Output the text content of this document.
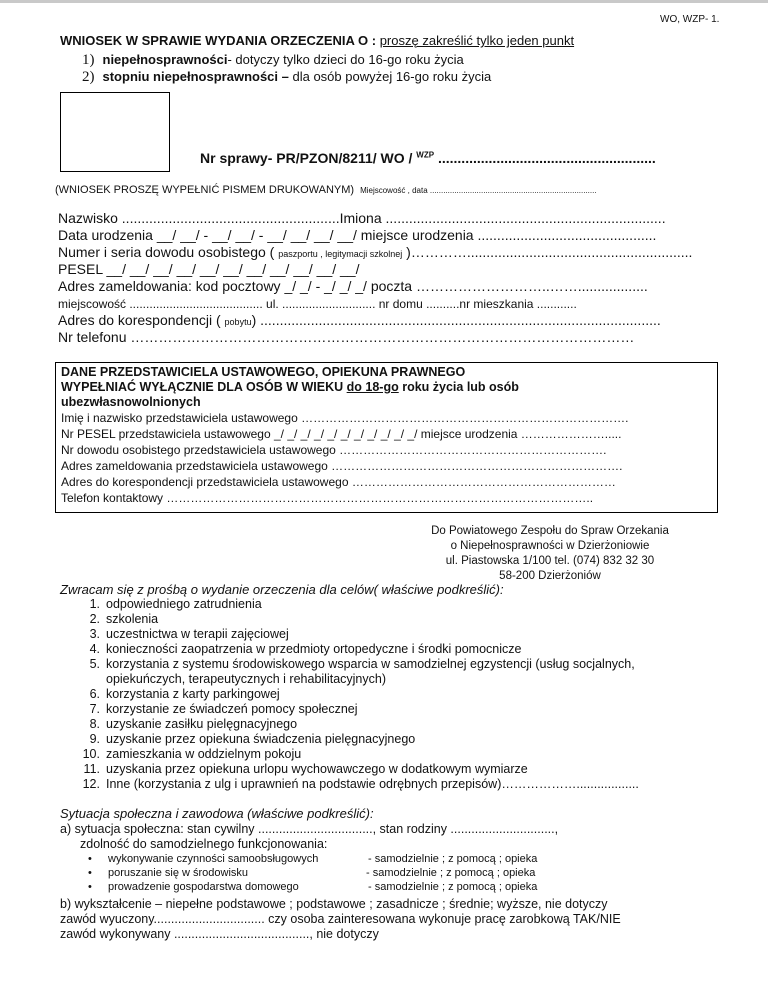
WO, WZP- 1.
WNIOSEK W SPRAWIE WYDANIA ORZECZENIA O : proszę zakreślić tylko jeden punkt
1) niepełnosprawności- dotyczy tylko dzieci do 16-go roku życia
2) stopniu niepełnosprawności – dla osób powyżej 16-go roku życia
Nr sprawy- PR/PZON/8211/ WO / $^{WZP}$ ........................................................
(WNIOSEK PROSZĘ WYPEŁNIĆ PISMEM DRUKOWANYM) Miejscowość , data ...........................................................................
Nazwisko ........................................................Imiona ........................................................................
Data urodzenia __/ __/ - __/ __/ - __/ __/ __/ __/ miejsce urodzenia ..............................................
Numer i seria dowodu osobistego ( paszportu , legitymacji szkolnej )…………..........................................................
PESEL __/ __/ __/ __/ __/ __/ __/ __/ __/ __/ __/
Adres zameldowania: kod pocztowy _/ _/ - _/ _/ _/ poczta ………………………..……..................
miejscowość ........................................ ul. ............................ nr domu ..........nr mieszkania ............
Adres do korespondencji ( pobytu) .......................................................................................................
Nr telefonu ………………………………………………………………………………………………
DANE PRZEDSTAWICIELA USTAWOWEGO, OPIEKUNA PRAWNEGO
WYPEŁNIAĆ WYŁĄCZNIE DLA OSÓB W WIEKU do 18-go roku życia lub osób
ubezwłasnowolnionych
Imię i nazwisko przedstawiciela ustawowego ……………………………………………………………………….
Nr PESEL przedstawiciela ustawowego _/ _/ _/ _/ _/ _/ _/ _/ _/ _/ _/ miejsce urodzenia ………………….....
Nr dowodu osobistego przedstawiciela ustawowego ………………………………………………………….
Adres zameldowania przedstawiciela ustawowego ……………………………………………………………….
Adres do korespondencji przedstawiciela ustawowego …………………………………………………………
Telefon kontaktowy ……………………………………………………………………………………………..
Do Powiatowego Zespołu do Spraw Orzekania
o Niepełnosprawności w Dzierżoniowie
ul. Piastowska 1/100 tel. (074) 832 32 30
58-200 Dzierżoniów
Zwracam się z prośbą o wydanie orzeczenia dla celów( właściwe podkreślić):
1. odpowiedniego zatrudnienia
2. szkolenia
3. uczestnictwa w terapii zajęciowej
4. konieczności zaopatrzenia w przedmioty ortopedyczne i środki pomocnicze
5. korzystania z systemu środowiskowego wsparcia w samodzielnej egzystencji (usług socjalnych,
opiekuńczych, terapeutycznych i rehabilitacyjnych)
6. korzystania z karty parkingowej
7. korzystanie ze świadczeń pomocy społecznej
8. uzyskanie zasiłku pielęgnacyjnego
9. uzyskanie przez opiekuna świadczenia pielęgnacyjnego
10. zamieszkania w oddzielnym pokoju
11. uzyskania przez opiekuna urlopu wychowawczego w dodatkowym wymiarze
12. Inne (korzystania z ulg i uprawnień na podstawie odrębnych przepisów)………………..................
Sytuacja społeczna i zawodowa (właściwe podkreślić):
a) sytuacja społeczna: stan cywilny ................................., stan rodziny ..............................,
zdolność do samodzielnego funkcjonowania:
• wykonywanie czynności samoobsługowych	- samodzielnie ; z pomocą ; opieka
• poruszanie się w środowisku	- samodzielnie ; z pomocą ; opieka
• prowadzenie gospodarstwa domowego	- samodzielnie ; z pomocą ; opieka
b) wykształcenie – niepełne podstawowe ; podstawowe ; zasadnicze ; średnie; wyższe, nie dotyczy
zawód wyuczony................................ czy osoba zainteresowana wykonuje pracę zarobkową TAK/NIE
zawód wykonywany ......................................., nie dotyczy
